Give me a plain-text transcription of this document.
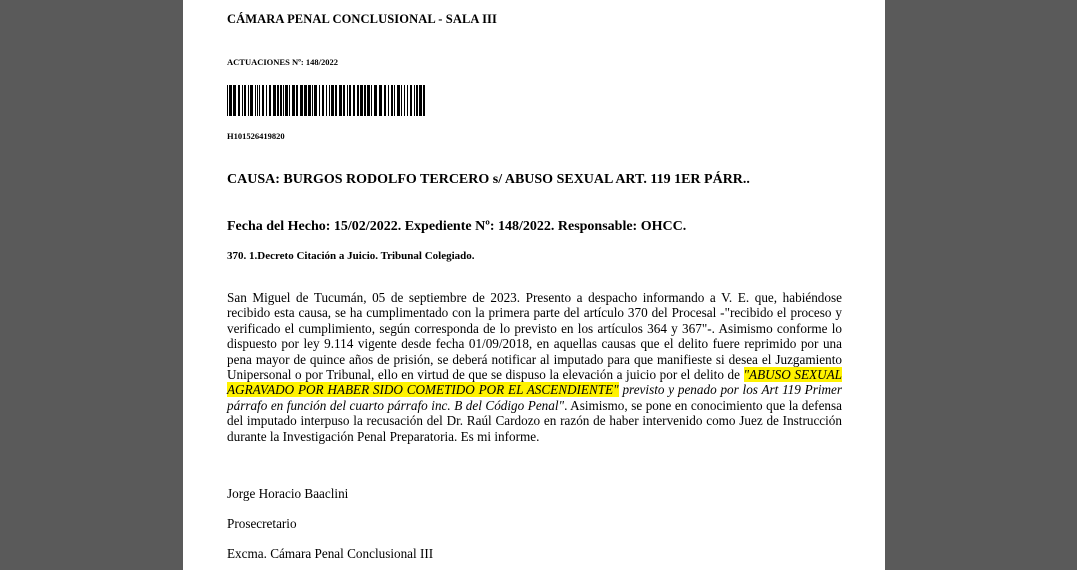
CÁMARA PENAL CONCLUSIONAL - SALA III
ACTUACIONES Nº: 148/2022
H101526419820
CAUSA: BURGOS RODOLFO TERCERO s/ ABUSO SEXUAL ART. 119 1ER PÁRR..
Fecha del Hecho: 15/02/2022. Expediente Nº: 148/2022. Responsable: OHCC.
370. 1.Decreto Citación a Juicio. Tribunal Colegiado.
San Miguel de Tucumán, 05 de septiembre de 2023. Presento a despacho informando a V. E. que, habiéndose recibido esta causa, se ha cumplimentado con la primera parte del artículo 370 del Procesal -"recibido el proceso y verificado el cumplimiento, según corresponda de lo previsto en los artículos 364 y 367"-. Asimismo conforme lo dispuesto por ley 9.114 vigente desde fecha 01/09/2018, en aquellas causas que el delito fuere reprimido por una pena mayor de quince años de prisión, se deberá notificar al imputado para que manifieste si desea el Juzgamiento Unipersonal o por Tribunal, ello en virtud de que se dispuso la elevación a juicio por el delito de "ABUSO SEXUAL AGRAVADO POR HABER SIDO COMETIDO POR EL ASCENDIENTE" previsto y penado por los Art 119 Primer párrafo en función del cuarto párrafo inc. B del Código Penal". Asimismo, se pone en conocimiento que la defensa del imputado interpuso la recusación del Dr. Raúl Cardozo en razón de haber intervenido como Juez de Instrucción durante la Investigación Penal Preparatoria. Es mi informe.
Jorge Horacio Baaclini
Prosecretario
Excma. Cámara Penal Conclusional III
